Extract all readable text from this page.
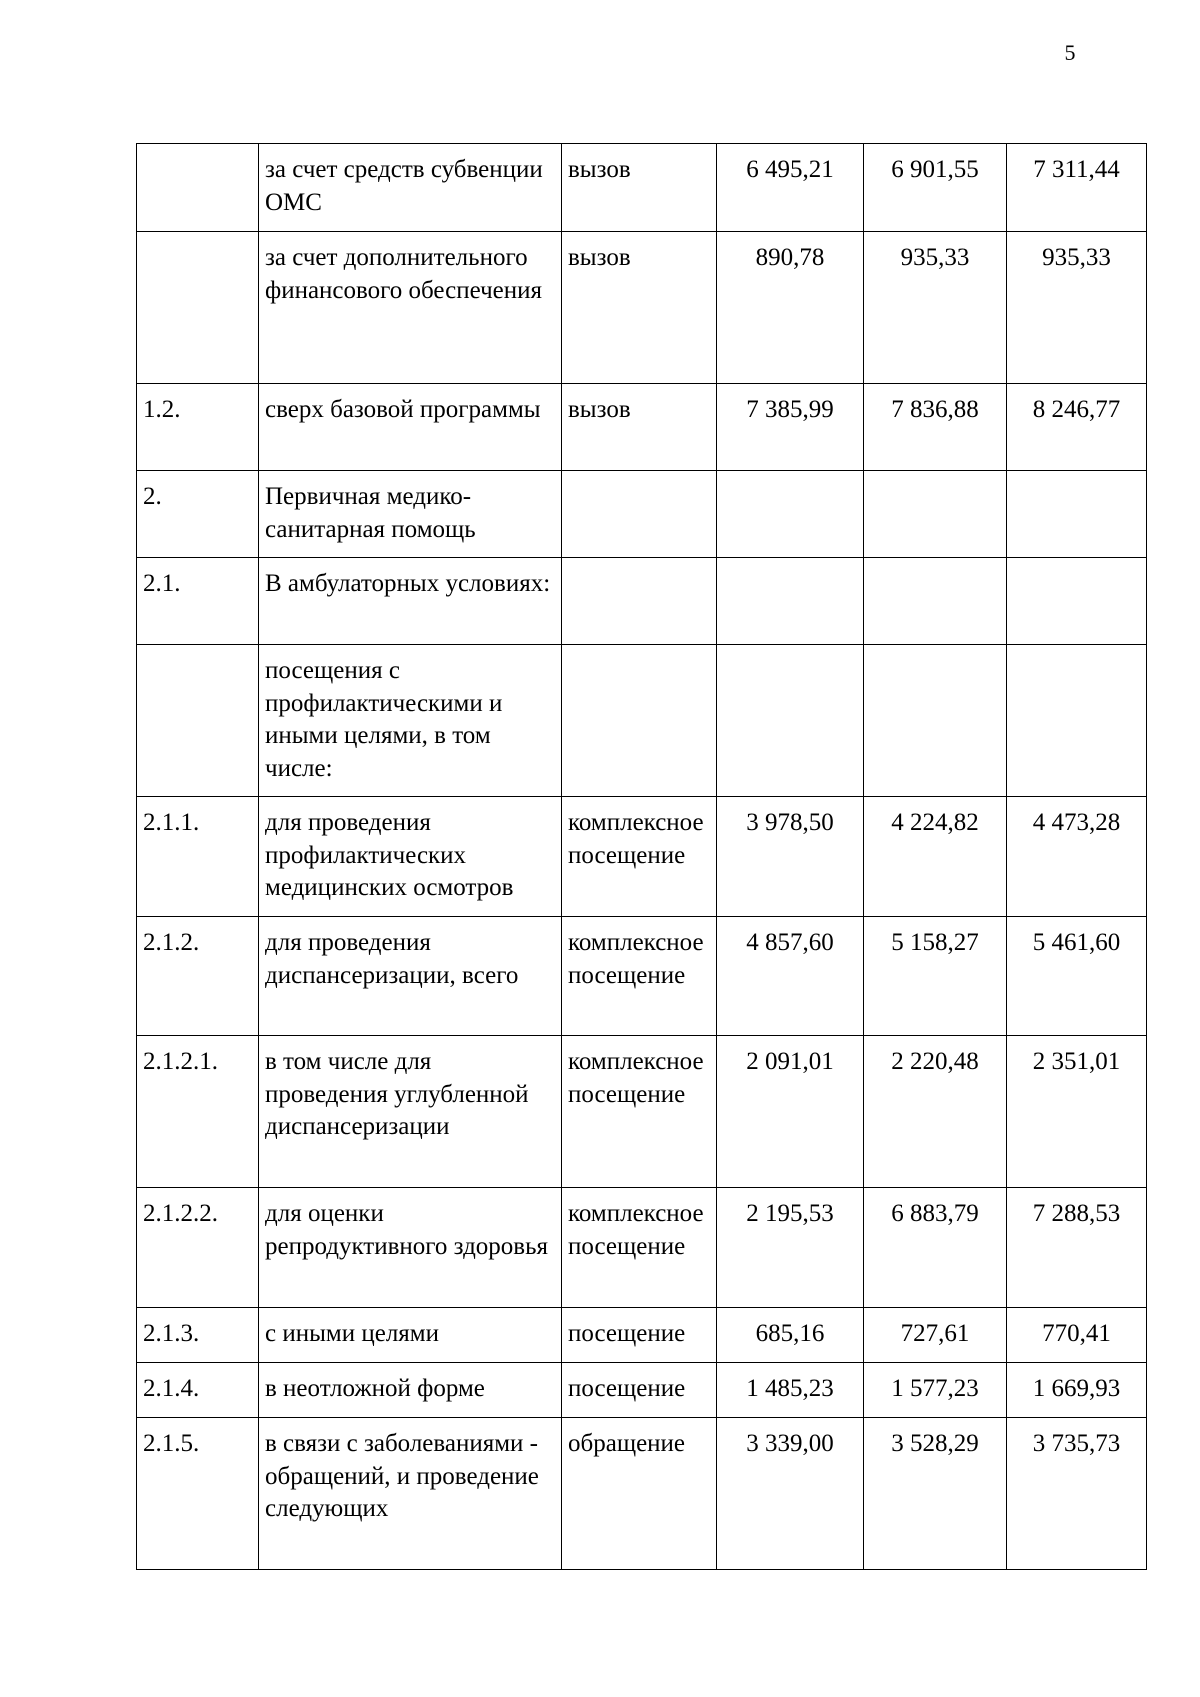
5
	за счет средств субвенции ОМС	вызов	6 495,21	6 901,55	7 311,44
	за счет дополнительного финансового обеспечения	вызов	890,78	935,33	935,33
1.2.	сверх базовой программы	вызов	7 385,99	7 836,88	8 246,77
2.	Первичная медико-санитарная помощь				
2.1.	В амбулаторных условиях:				
	посещения с профилактическими и иными целями, в том числе:				
2.1.1.	для проведения профилактических медицинских осмотров	комплексное посещение	3 978,50	4 224,82	4 473,28
2.1.2.	для проведения диспансеризации, всего	комплексное посещение	4 857,60	5 158,27	5 461,60
2.1.2.1.	в том числе для проведения углубленной диспансеризации	комплексное посещение	2 091,01	2 220,48	2 351,01
2.1.2.2.	для оценки репродуктивного здоровья	комплексное посещение	2 195,53	6 883,79	7 288,53
2.1.3.	с иными целями	посещение	685,16	727,61	770,41
2.1.4.	в неотложной форме	посещение	1 485,23	1 577,23	1 669,93
2.1.5.	в связи с заболеваниями - обращений, и проведение следующих	обращение	3 339,00	3 528,29	3 735,73
